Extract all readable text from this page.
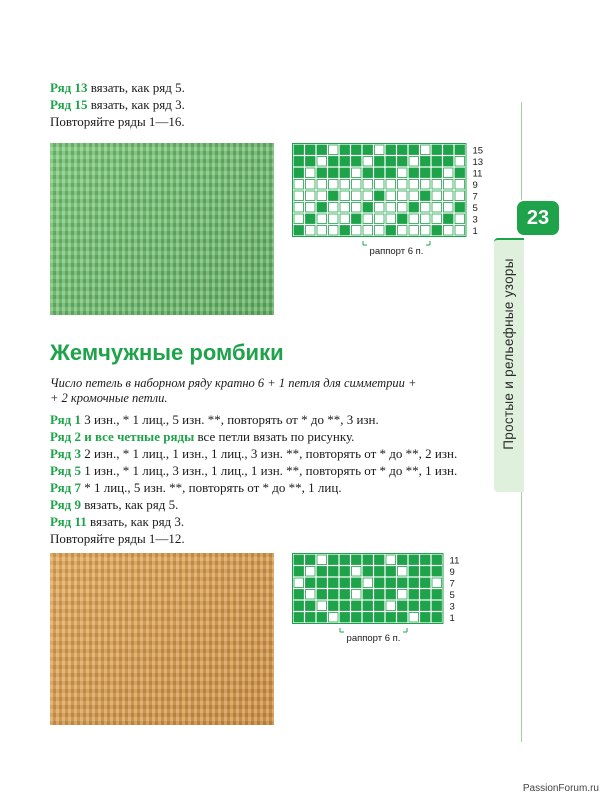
Ряд 13 вязать, как ряд 5.
Ряд 15 вязать, как ряд 3.
Повторяйте ряды 1—16.
15
13
11
9
7
5
3
1
раппорт 6 п.
23
Простые и рельефные узоры
Жемчужные ромбики
Число петель в наборном ряду кратно 6 + 1 петля для симметрии +
+ 2 кромочные петли.
Ряд 1 3 изн., * 1 лиц., 5 изн. **, повторять от * до **, 3 изн.
Ряд 2 и все четные ряды все петли вязать по рисунку.
Ряд 3 2 изн., * 1 лиц., 1 изн., 1 лиц., 3 изн. **, повторять от * до **, 2 изн.
Ряд 5 1 изн., * 1 лиц., 3 изн., 1 лиц., 1 изн. **, повторять от * до **, 1 изн.
Ряд 7 * 1 лиц., 5 изн. **, повторять от * до **, 1 лиц.
Ряд 9 вязать, как ряд 5.
Ряд 11 вязать, как ряд 3.
Повторяйте ряды 1—12.
11
9
7
5
3
1
раппорт 6 п.
PassionForum.ru
